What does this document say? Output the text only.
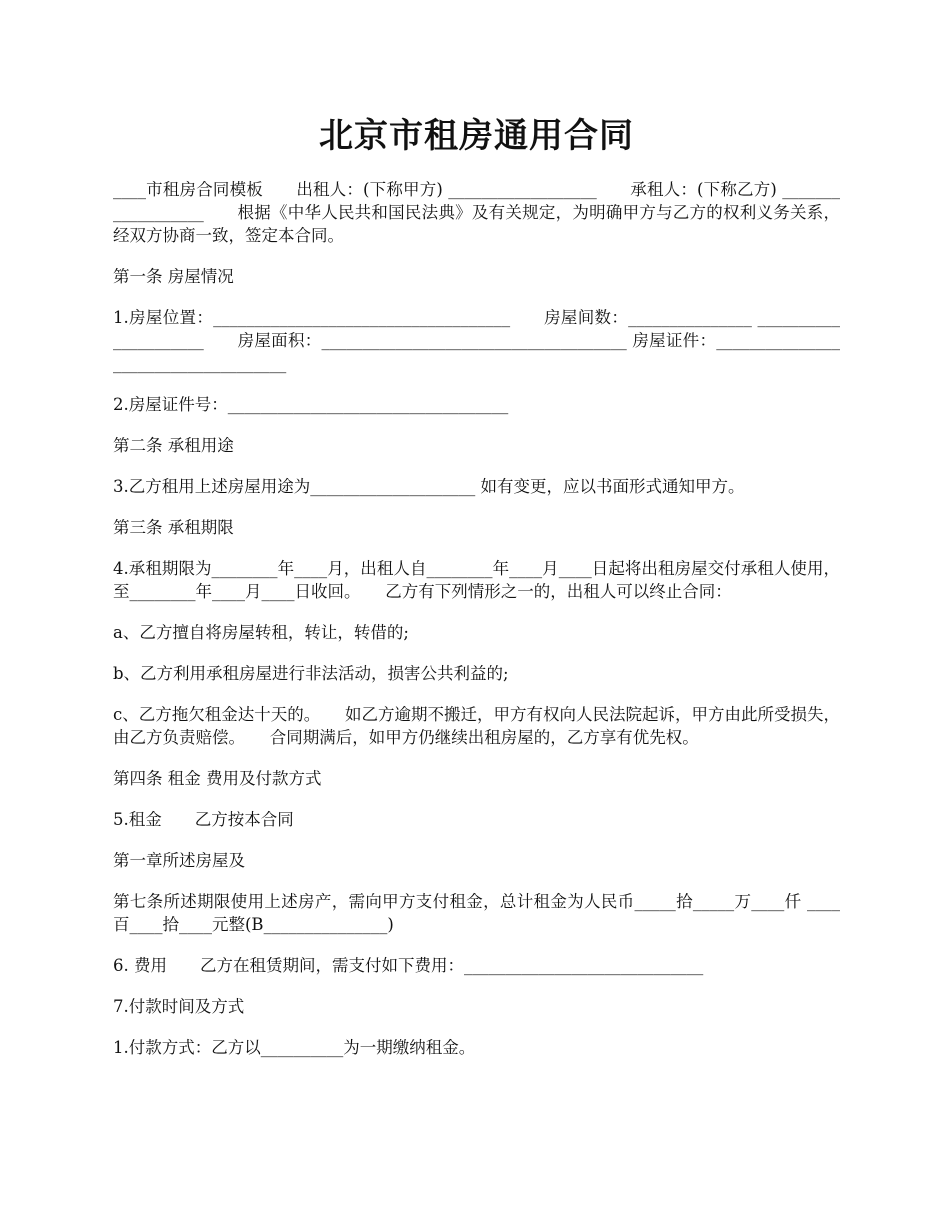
北京市租房通用合同

____市租房合同模板　　出租人：(下称甲方) __________________　　承租人：(下称乙方) __________________　　根据《中华人民共和国民法典》及有关规定，为明确甲方与乙方的权利义务关系，经双方协商一致，签定本合同。

第一条 房屋情况

1.房屋位置：____________________________________　　房屋间数：_______________ _____________________　　房屋面积：_____________________________________ 房屋证件：____________________________________

2.房屋证件号：__________________________________

第二条 承租用途

3.乙方租用上述房屋用途为____________________ 如有变更，应以书面形式通知甲方。

第三条 承租期限

4.承租期限为________年____月，出租人自________年____月____日起将出租房屋交付承租人使用，至________年____月____日收回。　　乙方有下列情形之一的，出租人可以终止合同：

a、乙方擅自将房屋转租，转让，转借的;

b、乙方利用承租房屋进行非法活动，损害公共利益的;

c、乙方拖欠租金达十天的。　　如乙方逾期不搬迁，甲方有权向人民法院起诉，甲方由此所受损失，由乙方负责赔偿。　　合同期满后，如甲方仍继续出租房屋的，乙方享有优先权。

第四条 租金 费用及付款方式

5.租金　　乙方按本合同

第一章所述房屋及

第七条所述期限使用上述房产，需向甲方支付租金，总计租金为人民币_____拾_____万____仟 ____百____拾____元整(B_______________)

6. 费用　　乙方在租赁期间，需支付如下费用：_____________________________

7.付款时间及方式

1.付款方式：乙方以__________为一期缴纳租金。
